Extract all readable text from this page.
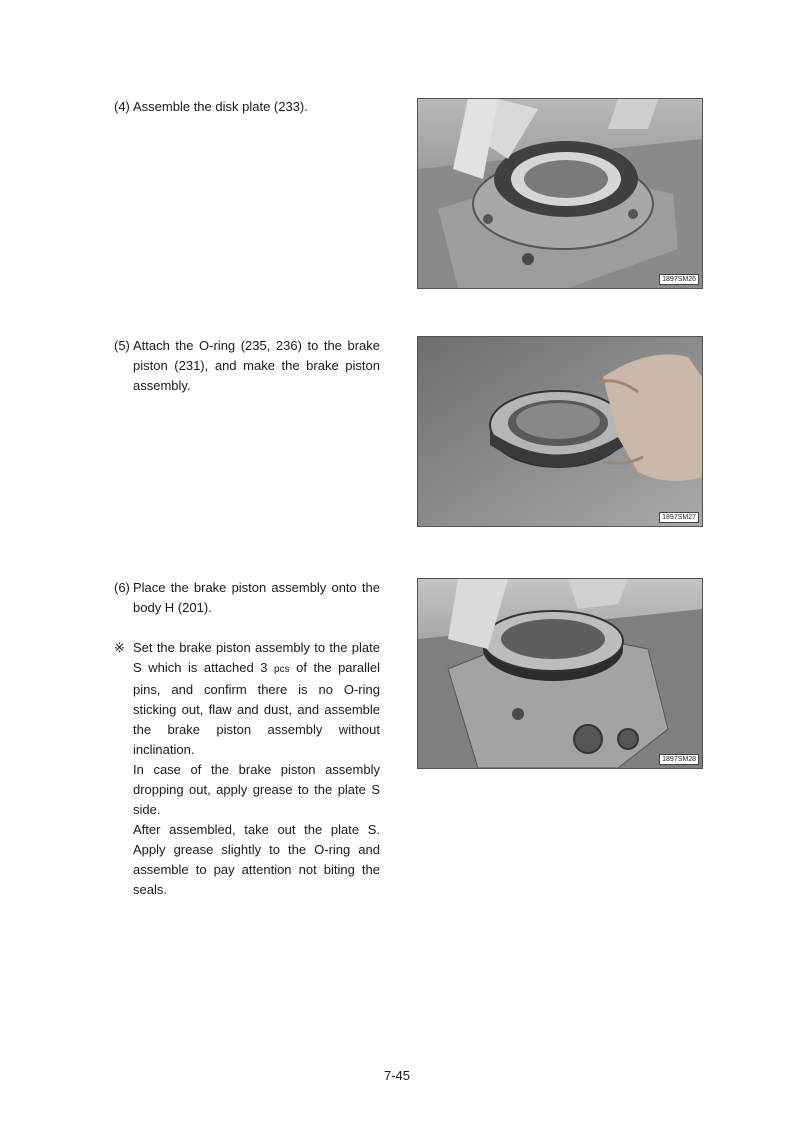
(4) Assemble the disk plate (233).
1897SM26
(5) Attach the O-ring (235, 236) to the brake piston (231), and make the brake piston assembly.
1897SM27
(6) Place the brake piston assembly onto the body H (201).
※ Set the brake piston assembly to the plate S which is attached 3 pcs of the parallel pins, and confirm there is no O-ring sticking out, flaw and dust, and assemble the brake piston assembly without inclination.

In case of the brake piston assembly dropping out, apply grease to the plate S side.

After assembled, take out the plate S. Apply grease slightly to the O-ring and assemble to pay attention not biting the seals.

1897SM28
7-45
